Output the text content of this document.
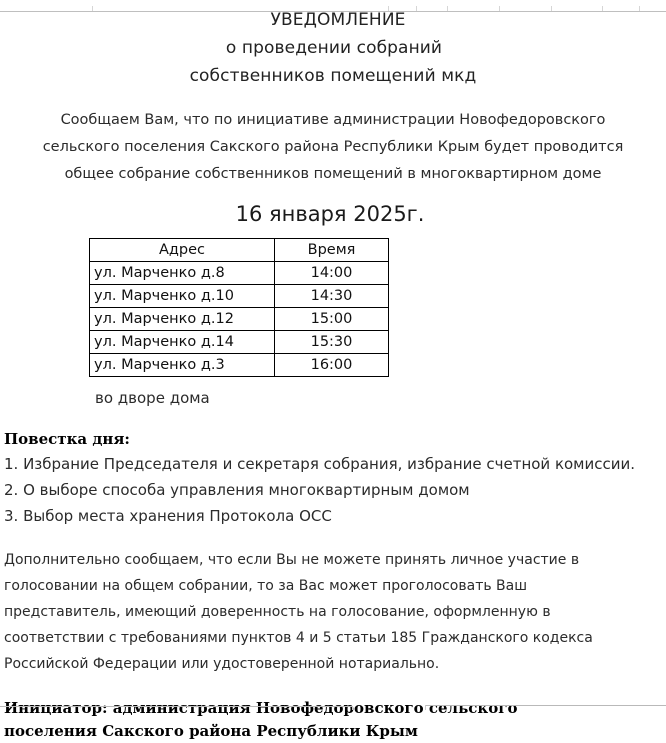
УВЕДОМЛЕНИЕ
о проведении собраний
собственников помещений мкд
Сообщаем Вам, что по инициативе администрации Новофедоровского
сельского поселения Сакского района Республики Крым будет проводится
общее собрание собственников помещений в многоквартирном доме
16 января 2025г.
Адрес	Время
ул. Марченко д.8	14:00
ул. Марченко д.10	14:30
ул. Марченко д.12	15:00
ул. Марченко д.14	15:30
ул. Марченко д.3	16:00
во дворе дома
Повестка дня:
1. Избрание Председателя и секретаря собрания, избрание счетной комиссии.
2. О выборе способа управления многоквартирным домом
3. Выбор места хранения Протокола ОСС
Дополнительно сообщаем, что если Вы не можете принять личное участие в
голосовании на общем собрании, то за Вас может проголосовать Ваш
представитель, имеющий доверенность на голосование, оформленную в
соответствии с требованиями пунктов 4 и 5 статьи 185 Гражданского кодекса
Российской Федерации или удостоверенной нотариально.
Инициатор: администрация Новофедоровского сельского
поселения Сакского района Республики Крым
